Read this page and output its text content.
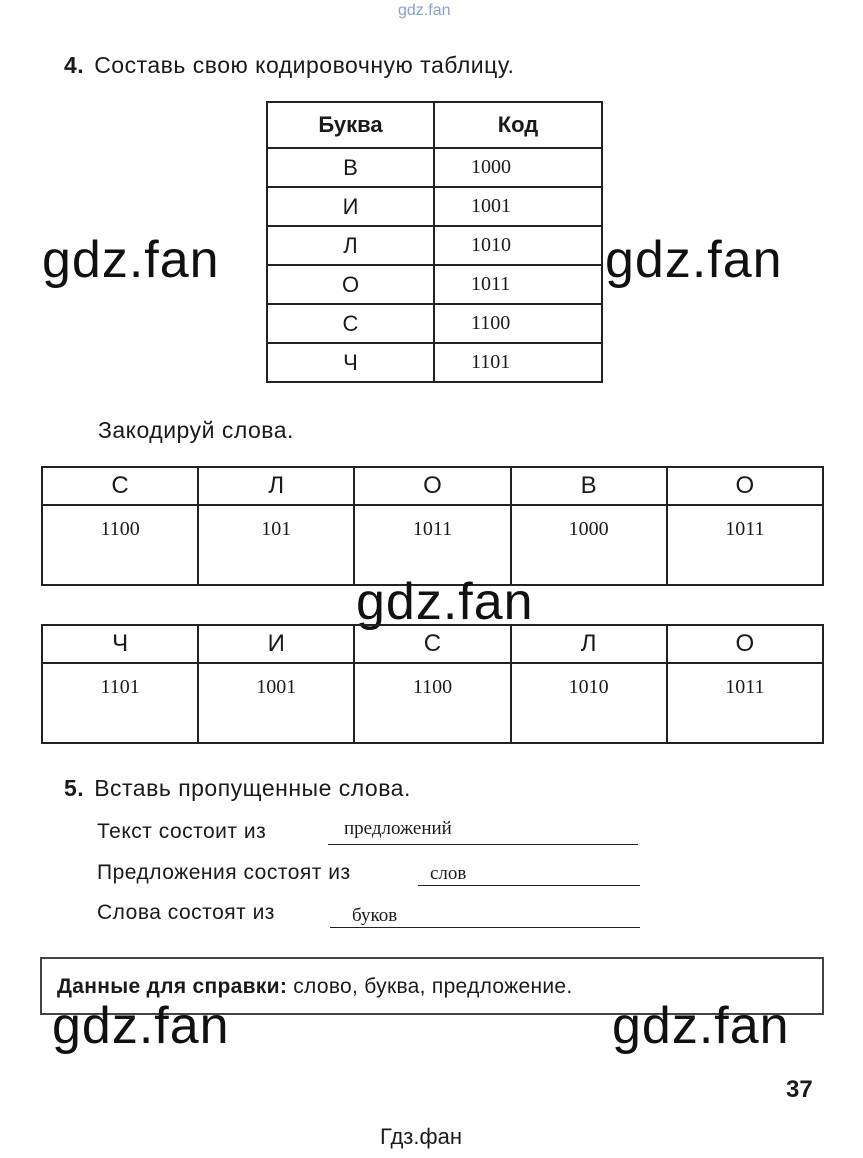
gdz.fan
4. Составь свою кодировочную таблицу.
Буква	Код
В	1000
И	1001
Л	1010
О	1011
С	1100
Ч	1101
gdz.fan	gdz.fan
Закодируй слова.
С	Л	О	В	О
1100	101	1011	1000	1011
gdz.fan
Ч	И	С	Л	О
1101	1001	1100	1010	1011
5. Вставь пропущенные слова.
Текст состоит из	предложений
Предложения состоят из	слов
Слова состоят из	буков
Данные для справки: слово, буква, предложение.
gdz.fan	gdz.fan
37
Гдз.фан
